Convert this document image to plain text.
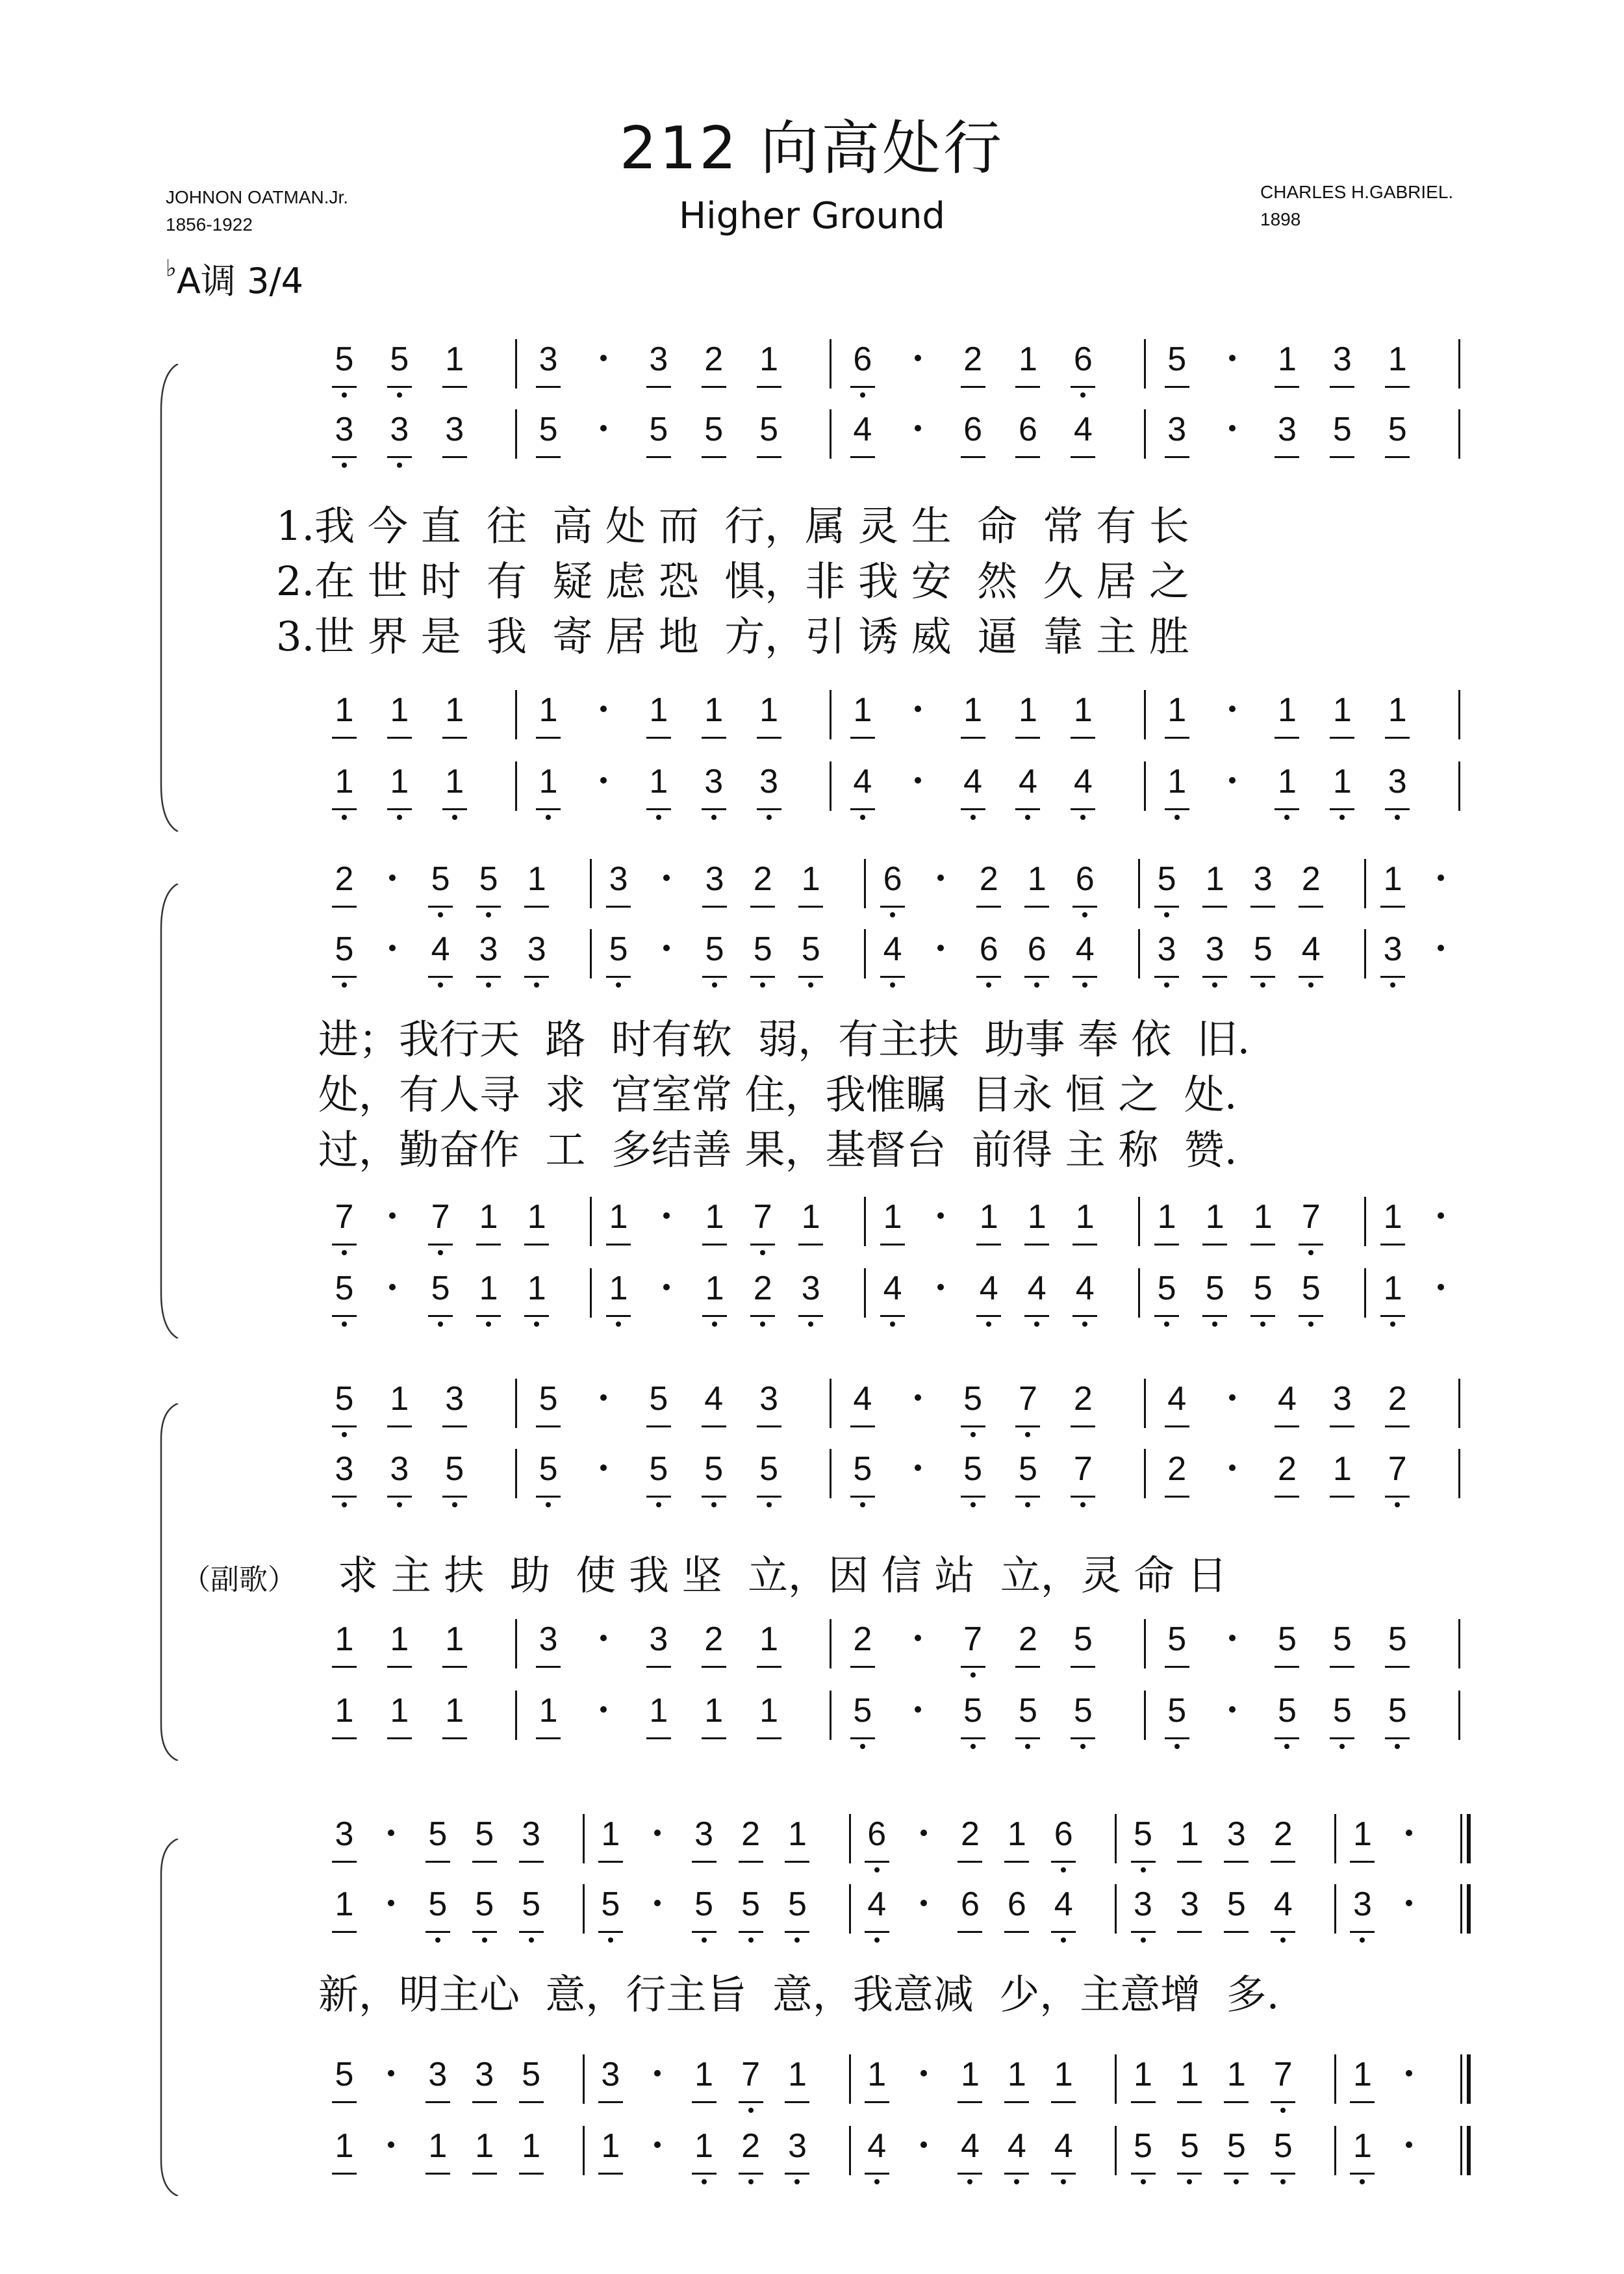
212 向高处行
Higher Ground
JOHNON OATMAN.Jr.
1856-1922
CHARLES H.GABRIEL.
1898
♭A调 3/4
5	5	1	3	3	2	1	6	2	1	6	5	1	3	1
3	3	3	5	5	5	5	4	6	6	4	3	3	5	5
1.我 今 直  往  高 处 而  行，属 灵 生  命  常 有 长
2.在 世 时  有  疑 虑 恐  惧，非 我 安  然  久 居 之
3.世 界 是  我  寄 居 地  方，引 诱 威  逼  靠 主 胜
1	1	1	1	1	1	1	1	1	1	1	1	1	1	1
1	1	1	1	1	3	3	4	4	4	4	1	1	1	3
2	5 5 1	3	3 2 1	6	2 1 6	5 1 3 2	1
5	4 3 3	5	5 5 5	4	6 6 4	3 3 5 4	3
进；我行天  路  时有软  弱，有主扶  助事 奉 依  旧.
处，有人寻  求  宫室常 住，我惟瞩  目永 恒 之  处.
过，勤奋作  工  多结善 果，基督台  前得 主 称  赞.
7	7 1 1	1	1 7 1	1	1 1 1	1 1 1 7	1
5	5 1 1	1	1 2 3	4	4 4 4	5 5 5 5	1
5	1	3	5	5	4	3	4	5	7	2	4	4	3	2
3	3	5	5	5	5	5	5	5	5	7	2	2	1	7
求 主 扶  助  使 我 坚  立，因 信 站  立，灵 命 日
1	1	1	3	3	2	1	2	7	2	5	5	5	5	5
1	1	1	1	1	1	1	5	5	5	5	5	5	5	5
3	5 5 3	1	3 2 1	6	2 1 6	5 1 3 2	1
1	5 5 5	5	5 5 5	4	6 6 4	3 3 5 4	3
新，明主心  意，行主旨  意，我意减  少，主意增  多.
5	3 3 5	3	1 7 1	1	1 1 1	1 1 1 7	1
1	1 1 1	1	1 2 3	4	4 4 4	5 5 5 5	1
（副歌）
